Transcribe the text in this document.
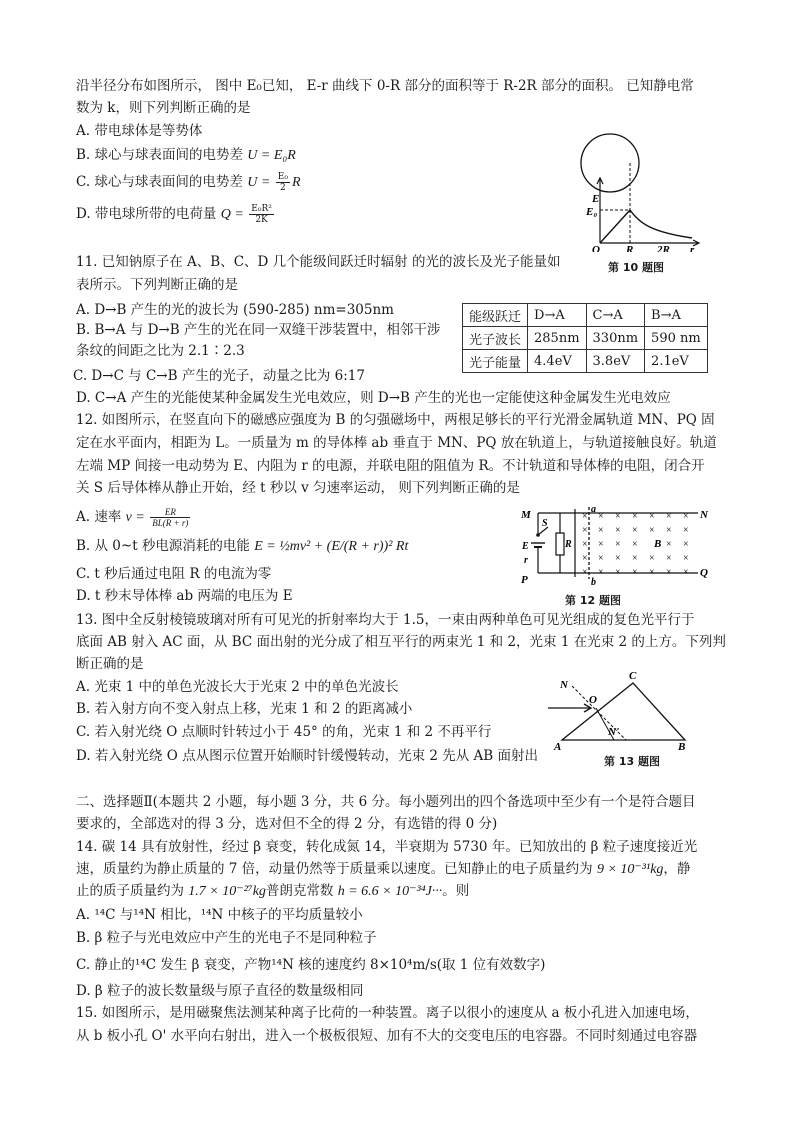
沿半径分布如图所示， 图中 E₀已知， E-r 曲线下 0-R 部分的面积等于 R-2R 部分的面积。 已知静电常
数为 k，则下列判断正确的是
A. 带电球体是等势体
B. 球心与球表面间的电势差 U = E₀R
C. 球心与球表面间的电势差 $U = \frac{\text{E₀}}{2}$ R
D. 带电球所带的电荷量 $Q = \frac{\text{E₀R²}}{2K}$
E
E₀
O R 2R r
第 10 题图
11. 已知钠原子在 A、B、C、D 几个能级间跃迁时辐射 的光的波长及光子能量如
表所示。下列判断正确的是
A. D→B 产生的光的波长为 (590-285) nm=305nm
B. B→A 与 D→B 产生的光在同一双缝干涉装置中，相邻干涉
条纹的间距之比为 2.1∶2.3
C. D→C 与 C→B 产生的光子，动量之比为 6:17
D. C→A 产生的光能使某种金属发生光电效应，则 D→B 产生的光也一定能使这种金属发生光电效应
能级跃迁	D→A	C→A	B→A
光子波长	285nm	330nm	590 nm
光子能量	4.4eV	3.8eV	2.1eV
12. 如图所示，在竖直向下的磁感应强度为 B 的匀强磁场中，两根足够长的平行光滑金属轨道 MN、PQ 固
定在水平面内，相距为 L。一质量为 m 的导体棒 ab 垂直于 MN、PQ 放在轨道上，与轨道接触良好。轨道
左端 MP 间接一电动势为 E、内阻为 r 的电源，并联电阻的阻值为 R。不计轨道和导体棒的电阻，闭合开
关 S 后导体棒从静止开始，经 t 秒以 v 匀速率运动， 则下列判断正确的是
A. 速率 $v = \frac{ER}{BL(R + r)}$
B. 从 0~t 秒电源消耗的电能 E = ½mv² + (E/(R + r))² Rt
C. t 秒后通过电阻 R 的电流为零
D. t 秒末导体棒 ab 两端的电压为 E
× × × × × × ×
× × × × × × ×
× × × ×	× ×
× × × × × × ×
× × × × × × ×
M	N
P
Q
a
b
S
E
r
R	B
第 12 题图
13. 图中全反射棱镜玻璃对所有可见光的折射率均大于 1.5，一束由两种单色可见光组成的复色光平行于
底面 AB 射入 AC 面，从 BC 面出射的光分成了相互平行的两束光 1 和 2，光束 1 在光束 2 的上方。下列判
断正确的是
A. 光束 1 中的单色光波长大于光束 2 中的单色光波长
B. 若入射方向不变入射点上移，光束 1 和 2 的距离减小
C. 若入射光绕 O 点顺时针转过小于 45° 的角，光束 1 和 2 不再平行
D. 若入射光绕 O 点从图示位置开始顺时针缓慢转动，光束 2 先从 AB 面射出
N
O
C
N'
A	B
第 13 题图
二、选择题Ⅱ(本题共 2 小题，每小题 3 分，共 6 分。每小题列出的四个备选项中至少有一个是符合题目
要求的，全部选对的得 3 分，选对但不全的得 2 分，有选错的得 0 分)
14. 碳 14 具有放射性，经过 β 衰变，转化成氮 14，半衰期为 5730 年。已知放出的 β 粒子速度接近光
速，质量约为静止质量的 7 倍，动量仍然等于质量乘以速度。已知静止的电子质量约为 9 × 10⁻³¹kg，静
止的质子质量约为 1.7 × 10⁻²⁷kg普朗克常数 h = 6.6 × 10⁻³⁴J···。则
A. ¹⁴C 与¹⁴N 相比，¹⁴N 中核子的平均质量较小
B. β 粒子与光电效应中产生的光电子不是同种粒子
C. 静止的¹⁴C 发生 β 衰变，产物¹⁴N 核的速度约 8×10⁴m/s(取 1 位有效数字)
D. β 粒子的波长数量级与原子直径的数量级相同
15. 如图所示，是用磁聚焦法测某种离子比荷的一种装置。离子以很小的速度从 a 板小孔进入加速电场，
从 b 板小孔 O' 水平向右射出，进入一个极板很短、加有不大的交变电压的电容器。不同时刻通过电容器
